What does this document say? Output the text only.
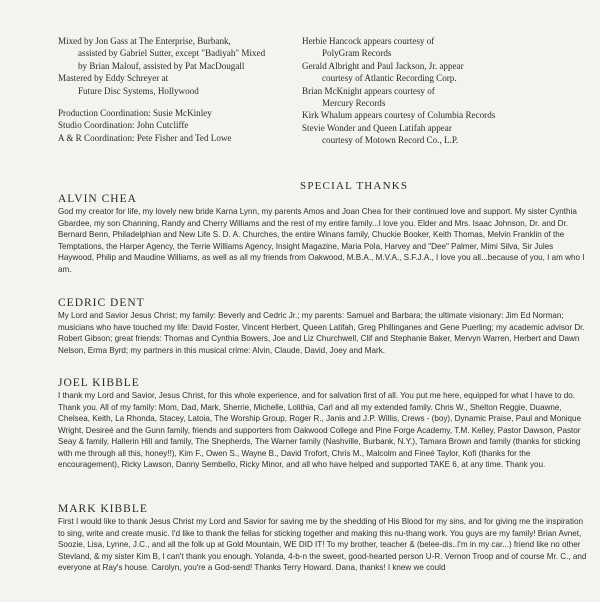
Mixed by Jon Gass at The Enterprise, Burbank,
assisted by Gabriel Sutter, except "Badiyah" Mixed
by Brian Malouf, assisted by Pat MacDougall
Mastered by Eddy Schreyer at
Future Disc Systems, Hollywood
Production Coordination: Susie McKinley
Studio Coordination: John Cutcliffe
A & R Coordination: Pete Fisher and Ted Lowe
Herbie Hancock appears courtesy of
PolyGram Records
Gerald Albright and Paul Jackson, Jr. appear
courtesy of Atlantic Recording Corp.
Brian McKnight appears courtesy of
Mercury Records
Kirk Whalum appears courtesy of Columbia Records
Stevie Wonder and Queen Latifah appear
courtesy of Motown Record Co., L.P.
SPECIAL THANKS
ALVIN CHEA
God my creator for life, my lovely new bride Karna Lynn, my parents Amos and Joan Chea for their continued love and support. My sister Cynthia Gbardee, my son Channing, Randy and Cherry Williams and the rest of my entire family...I love you. Elder and Mrs. Isaac Johnson, Dr. and Dr. Bernard Benn, Philadelphian and New Life S. D. A. Churches, the entire Winans family, Chuckie Booker, Keith Thomas, Melvin Franklin of the Temptations, the Harper Agency, the Terrie Williams Agency, Insight Magazine, Maria Pola, Harvey and "Dee" Palmer, Mimi Silva, Sir Jules Haywood, Philip and Maudine Williams, as well as all my friends from Oakwood, M.B.A., M.V.A., S.F.J.A., I love you all...because of you, I am who I am.
CEDRIC DENT
My Lord and Savior Jesus Christ; my family: Beverly and Cedric Jr.; my parents: Samuel and Barbara; the ultimate visionary: Jim Ed Norman; musicians who have touched my life: David Foster, Vincent Herbert, Queen Latifah, Greg Phillinganes and Gene Puerling; my academic advisor Dr. Robert Gibson; great friends: Thomas and Cynthia Bowers, Joe and Liz Churchwell, Clif and Stephanie Baker, Mervyn Warren, Herbert and Dawn Nelson, Erma Byrd; my partners in this musical crime: Alvin, Claude, David, Joey and Mark.
JOEL KIBBLE
I thank my Lord and Savior, Jesus Christ, for this whole experience, and for salvation first of all. You put me here, equipped for what I have to do. Thank you. All of my family: Mom, Dad, Mark, Sherrie, Michelle, Lolithia, Carl and all my extended family. Chris W., Shelton Reggie, Duawne, Chelsea, Keith, La Rhonda, Stacey, Latoia, The Worship Group, Roger R., Janis and J.P. Willis, Crews - (boy), Dynamic Praise, Paul and Monique Wright, Desireé and the Gunn family, friends and supporters from Oakwood College and Pine Forge Academy, T.M. Kelley, Pastor Dawson, Pastor Seay & family, Hallerin Hill and family, The Shepherds, The Warner family (Nashville, Burbank, N.Y.), Tamara Brown and family (thanks for sticking with me through all this, honey!!), Kim F., Owen S., Wayne B., David Trofort, Chris M., Malcolm and Fineé Taylor, Kofi (thanks for the encouragement), Ricky Lawson, Danny Sembello, Ricky Minor, and all who have helped and supported TAKE 6, at any time. Thank you.
MARK KIBBLE
First I would like to thank Jesus Christ my Lord and Savior for saving me by the shedding of His Blood for my sins, and for giving me the inspiration to sing, write and create music. I'd like to thank the fellas for sticking together and making this nu-thang work. You guys are my family! Brian Avnet, Soozie, Lisa, Lynne, J.C., and all the folk up at Gold Mountain, WE DID IT! To my brother, teacher & (belee-dis..I'm in my car...) friend like no other Stevland, & my sister Kim B, I can't thank you enough. Yolanda, 4-b-n the sweet, good-hearted person U-R. Vernon Troop and of course Mr. C., and everyone at Ray's house. Carolyn, you're a God-send! Thanks Terry Howard. Dana, thanks! I knew we could
